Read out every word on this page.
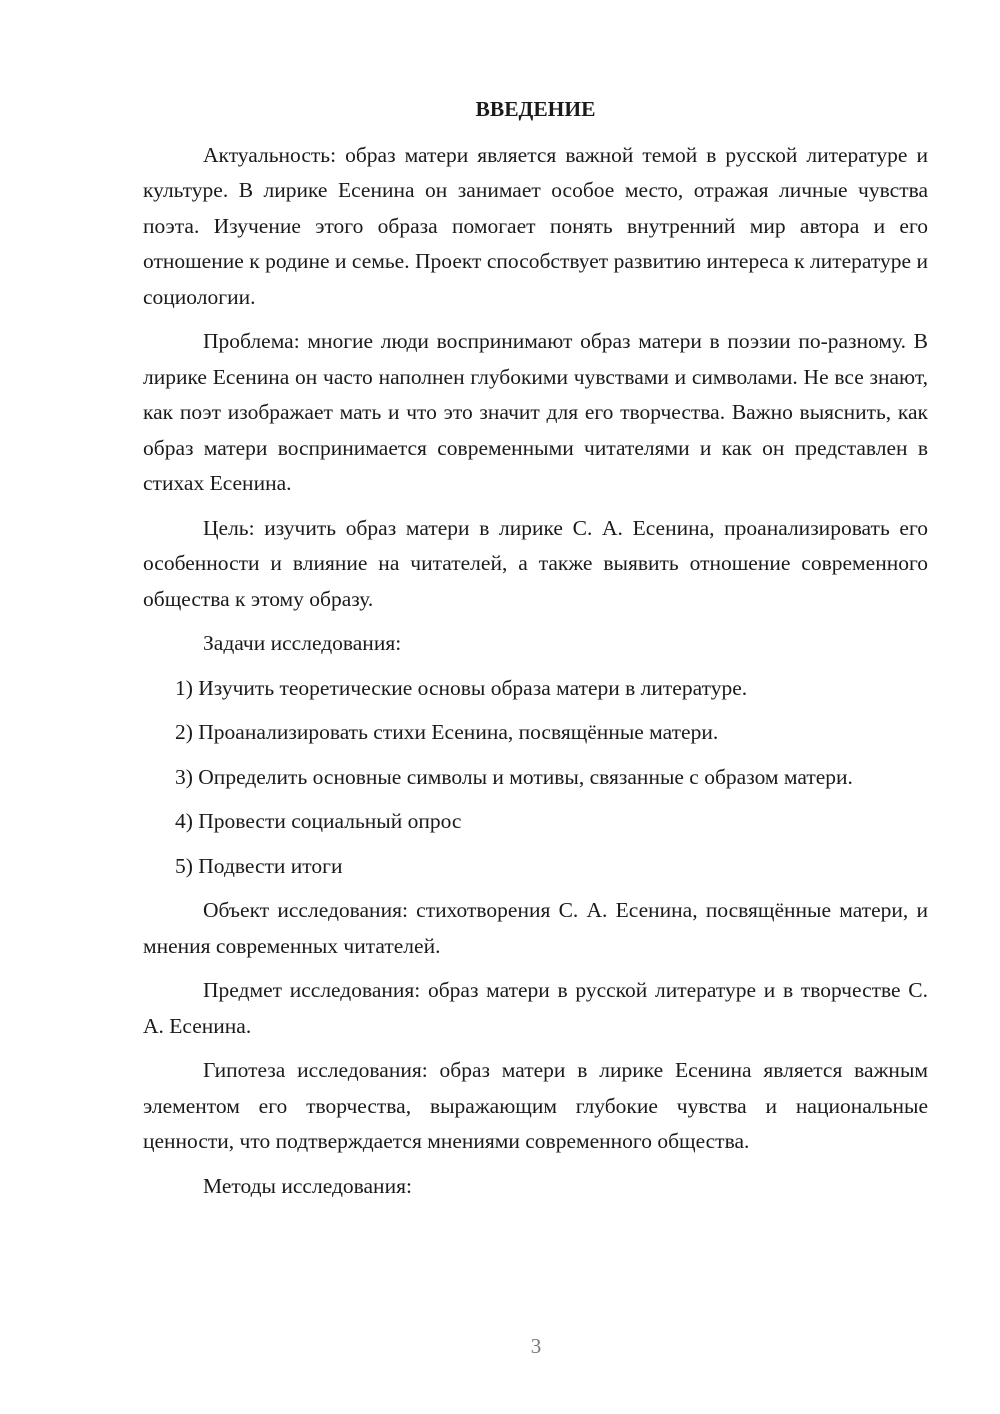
ВВЕДЕНИЕ

Актуальность: образ матери является важной темой в русской литературе и культуре. В лирике Есенина он занимает особое место, отражая личные чувства поэта. Изучение этого образа помогает понять внутренний мир автора и его отношение к родине и семье. Проект способствует развитию интереса к литературе и социологии.

Проблема: многие люди воспринимают образ матери в поэзии по-разному. В лирике Есенина он часто наполнен глубокими чувствами и символами. Не все знают, как поэт изображает мать и что это значит для его творчества. Важно выяснить, как образ матери воспринимается современными читателями и как он представлен в стихах Есенина.

Цель: изучить образ матери в лирике С. А. Есенина, проанализировать его особенности и влияние на читателей, а также выявить отношение современного общества к этому образу.

Задачи исследования:

1) Изучить теоретические основы образа матери в литературе.

2) Проанализировать стихи Есенина, посвящённые матери.

3) Определить основные символы и мотивы, связанные с образом матери.

4) Провести социальный опрос

5) Подвести итоги

Объект исследования: стихотворения С. А. Есенина, посвящённые матери, и мнения современных читателей.

Предмет исследования: образ матери в русской литературе и в творчестве С. А. Есенина.

Гипотеза исследования: образ матери в лирике Есенина является важным элементом его творчества, выражающим глубокие чувства и национальные ценности, что подтверждается мнениями современного общества.

Методы исследования:

3
